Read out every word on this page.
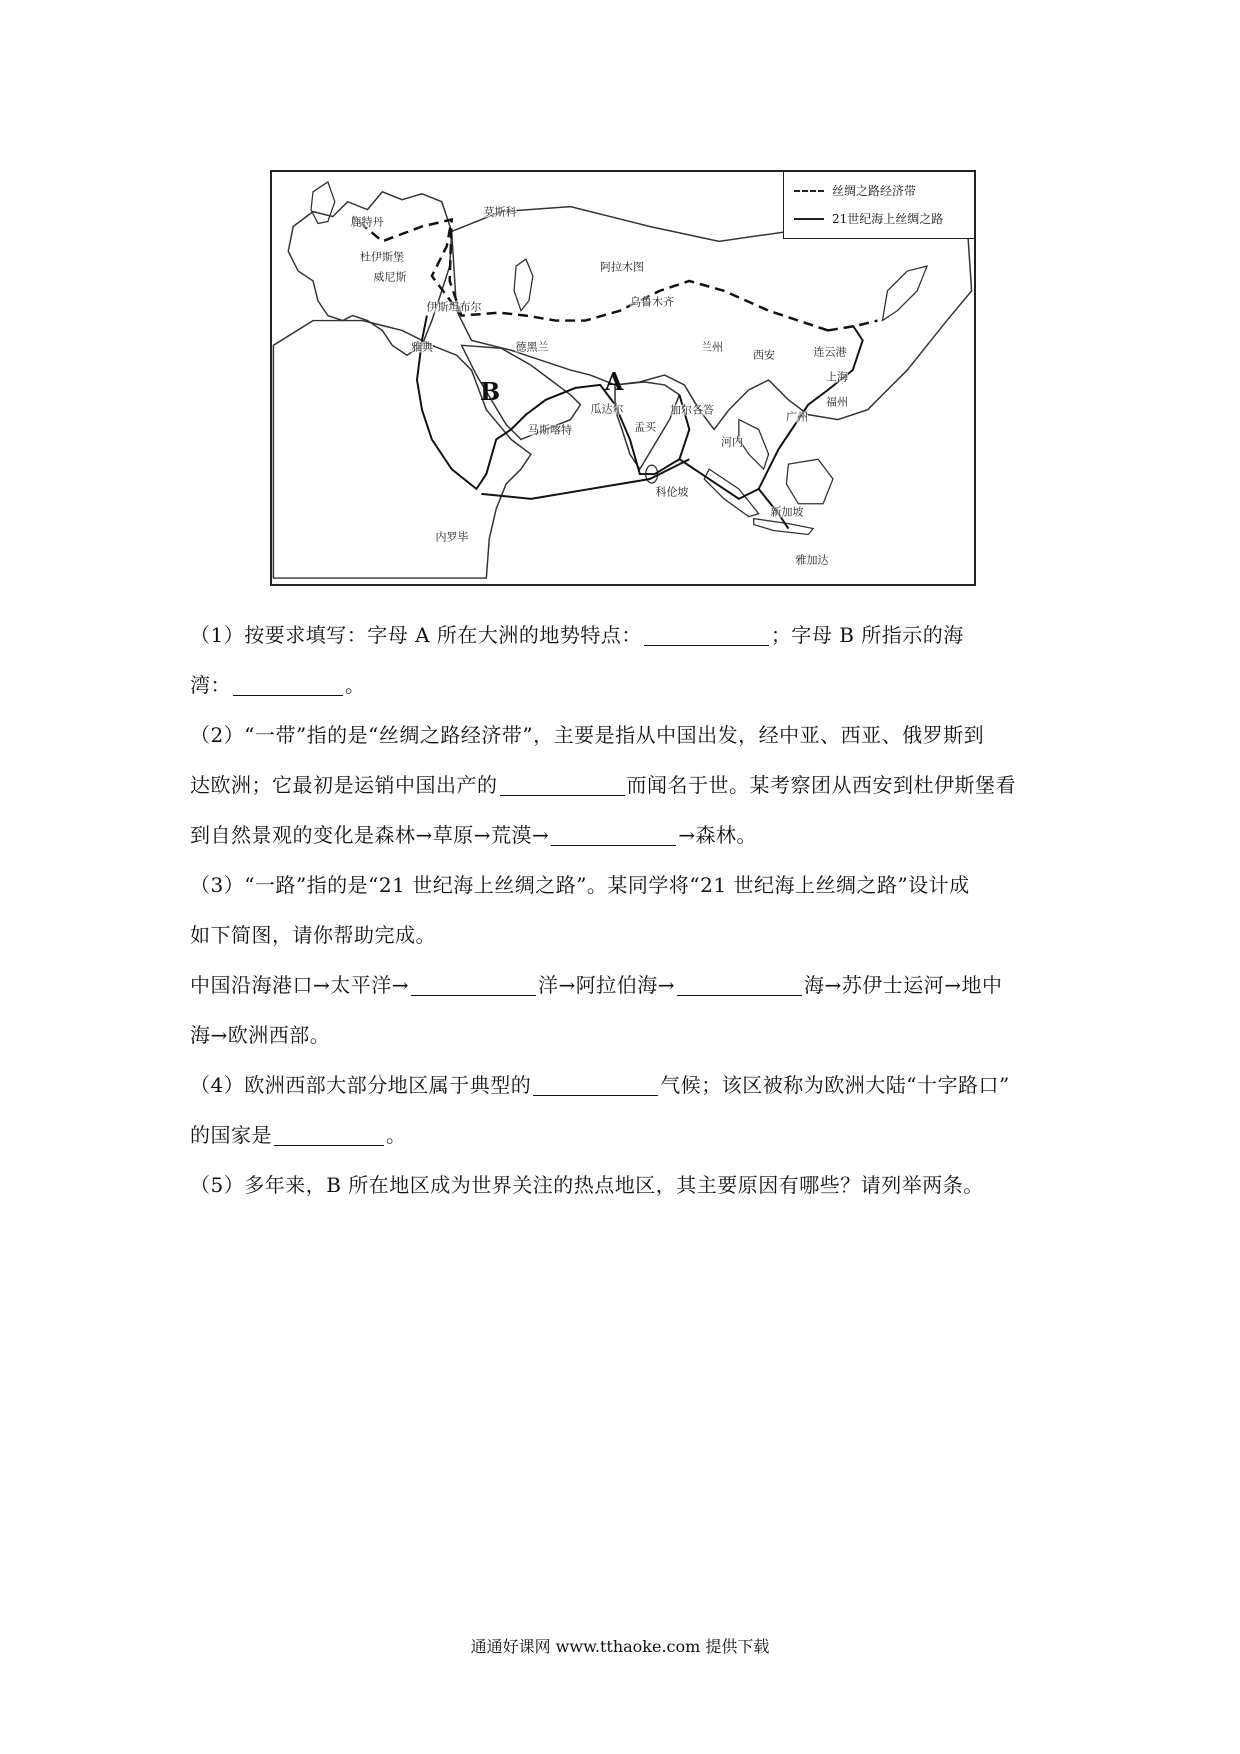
丝绸之路经济带
21世纪海上丝绸之路
鹿特丹
莫斯科
杜伊斯堡
威尼斯
伊斯坦布尔
雅典	德黑兰
阿拉木图
乌鲁木齐
兰州
西安	连云港
上海
福州
广州
河内
瓜达尔
马斯喀特	孟买
加尔各答
科伦坡
新加坡
雅加达
内罗毕
A
B
（1）按要求填写：字母 A 所在大洲的地势特点：	；字母 B 所指示的海
湾：	。
（2）“一带”指的是“丝绸之路经济带”，主要是指从中国出发，经中亚、西亚、俄罗斯到
达欧洲；它最初是运销中国出产的	而闻名于世。某考察团从西安到杜伊斯堡看
到自然景观的变化是森林→草原→荒漠→	→森林。
（3）“一路”指的是“21 世纪海上丝绸之路”。某同学将“21 世纪海上丝绸之路”设计成
如下简图，请你帮助完成。
中国沿海港口→太平洋→	洋→阿拉伯海→	海→苏伊士运河→地中
海→欧洲西部。
（4）欧洲西部大部分地区属于典型的	气候；该区被称为欧洲大陆“十字路口”
的国家是	。
（5）多年来，B 所在地区成为世界关注的热点地区，其主要原因有哪些？请列举两条。
通通好课网 www.tthaoke.com 提供下载
